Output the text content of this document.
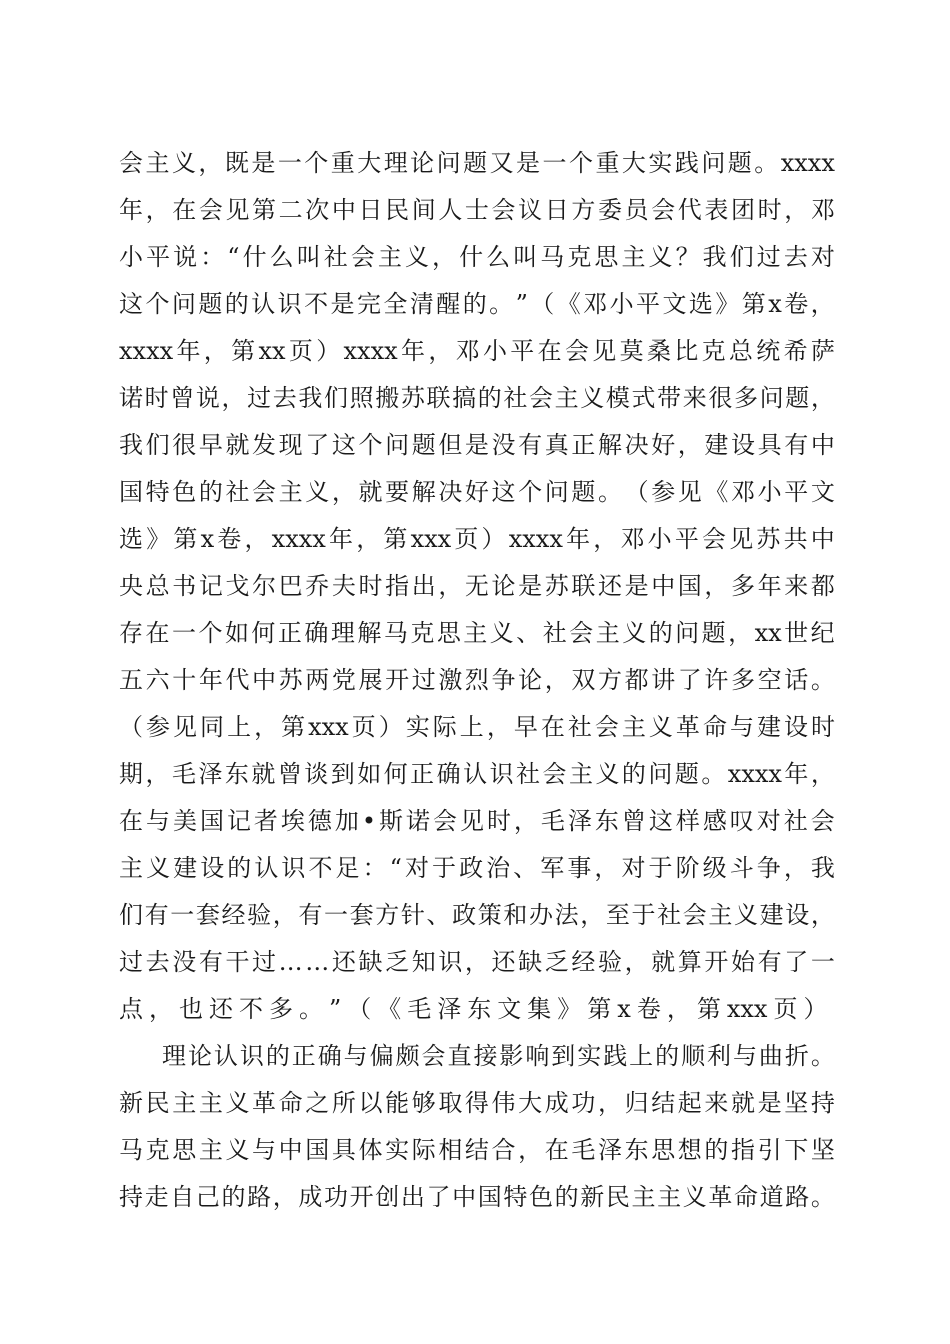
会 主 义 ， 既 是 一 个 重 大 理 论 问 题 又 是 一 个 重 大 实 践 问 题 。 xxxx
年 ， 在 会 见 第 二 次 中 日 民 间 人 士 会 议 日 方 委 员 会 代 表 团 时 ， 邓
小 平 说 ： “ 什 么 叫 社 会 主 义 ， 什 么 叫 马 克 思 主 义 ？ 我 们 过 去 对
这 个 问 题 的 认 识 不 是 完 全 清 醒 的 。 ” （ 《 邓 小 平 文 选 》 第 x 卷 ，
xxxx 年 ， 第 xx 页 ） xxxx 年 ， 邓 小 平 在 会 见 莫 桑 比 克 总 统 希 萨
诺 时 曾 说 ， 过 去 我 们 照 搬 苏 联 搞 的 社 会 主 义 模 式 带 来 很 多 问 题 ，
我 们 很 早 就 发 现 了 这 个 问 题 但 是 没 有 真 正 解 决 好 ， 建 设 具 有 中
国 特 色 的 社 会 主 义 ， 就 要 解 决 好 这 个 问 题 。 （ 参 见 《 邓 小 平 文
选 》 第 x 卷 ， xxxx 年 ， 第 xxx 页 ） xxxx 年 ， 邓 小 平 会 见 苏 共 中
央 总 书 记 戈 尔 巴 乔 夫 时 指 出 ， 无 论 是 苏 联 还 是 中 国 ， 多 年 来 都
存 在 一 个 如 何 正 确 理 解 马 克 思 主 义 、 社 会 主 义 的 问 题 ， xx 世 纪
五 六 十 年 代 中 苏 两 党 展 开 过 激 烈 争 论 ， 双 方 都 讲 了 许 多 空 话 。
（ 参 见 同 上 ， 第 xxx 页 ） 实 际 上 ， 早 在 社 会 主 义 革 命 与 建 设 时
期 ， 毛 泽 东 就 曾 谈 到 如 何 正 确 认 识 社 会 主 义 的 问 题 。 xxxx 年 ，
在 与 美 国 记 者 埃 德 加 • 斯 诺 会 见 时 ， 毛 泽 东 曾 这 样 感 叹 对 社 会
主 义 建 设 的 认 识 不 足 ： “ 对 于 政 治 、 军 事 ， 对 于 阶 级 斗 争 ， 我
们 有 一 套 经 验 ， 有 一 套 方 针 、 政 策 和 办 法 ， 至 于 社 会 主 义 建 设 ，
过 去 没 有 干 过 … … 还 缺 乏 知 识 ， 还 缺 乏 经 验 ， 就 算 开 始 有 了 一
点 ， 也 还 不 多 。 ” （ 《 毛 泽 东 文 集 》 第 x 卷 ， 第 xxx 页 ）
理 论 认 识 的 正 确 与 偏 颇 会 直 接 影 响 到 实 践 上 的 顺 利 与 曲 折 。
新 民 主 主 义 革 命 之 所 以 能 够 取 得 伟 大 成 功 ， 归 结 起 来 就 是 坚 持
马 克 思 主 义 与 中 国 具 体 实 际 相 结 合 ， 在 毛 泽 东 思 想 的 指 引 下 坚
持 走 自 己 的 路 ， 成 功 开 创 出 了 中 国 特 色 的 新 民 主 主 义 革 命 道 路 。
